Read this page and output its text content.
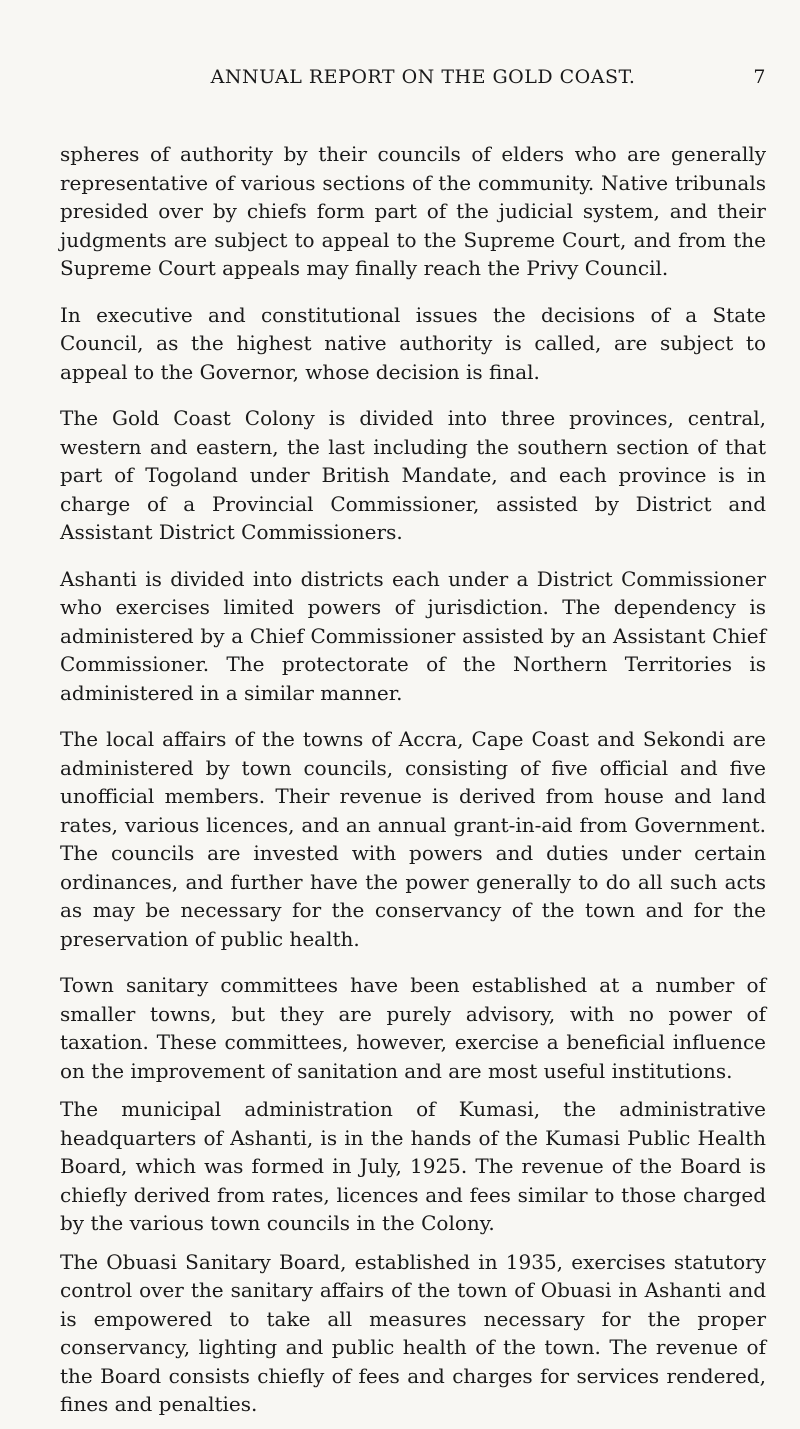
ANNUAL REPORT ON THE GOLD COAST.	7

spheres of authority by their councils of elders who are generally representative of various sections of the community. Native tribunals presided over by chiefs form part of the judicial system, and their judgments are subject to appeal to the Supreme Court, and from the Supreme Court appeals may finally reach the Privy Council.

In executive and constitutional issues the decisions of a State Council, as the highest native authority is called, are subject to appeal to the Governor, whose decision is final.

The Gold Coast Colony is divided into three provinces, central, western and eastern, the last including the southern section of that part of Togoland under British Mandate, and each province is in charge of a Provincial Commissioner, assisted by District and Assistant District Commissioners.

Ashanti is divided into districts each under a District Commissioner who exercises limited powers of jurisdiction. The dependency is administered by a Chief Commissioner assisted by an Assistant Chief Commissioner. The protectorate of the Northern Territories is administered in a similar manner.

The local affairs of the towns of Accra, Cape Coast and Sekondi are administered by town councils, consisting of five official and five unofficial members. Their revenue is derived from house and land rates, various licences, and an annual grant-in-aid from Government. The councils are invested with powers and duties under certain ordinances, and further have the power generally to do all such acts as may be necessary for the conservancy of the town and for the preservation of public health.

Town sanitary committees have been established at a number of smaller towns, but they are purely advisory, with no power of taxation. These committees, however, exercise a beneficial influence on the improvement of sanitation and are most useful institutions.

The municipal administration of Kumasi, the administrative headquarters of Ashanti, is in the hands of the Kumasi Public Health Board, which was formed in July, 1925. The revenue of the Board is chiefly derived from rates, licences and fees similar to those charged by the various town councils in the Colony.

The Obuasi Sanitary Board, established in 1935, exercises statutory control over the sanitary affairs of the town of Obuasi in Ashanti and is empowered to take all measures necessary for the proper conservancy, lighting and public health of the town. The revenue of the Board consists chiefly of fees and charges for services rendered, fines and penalties.
